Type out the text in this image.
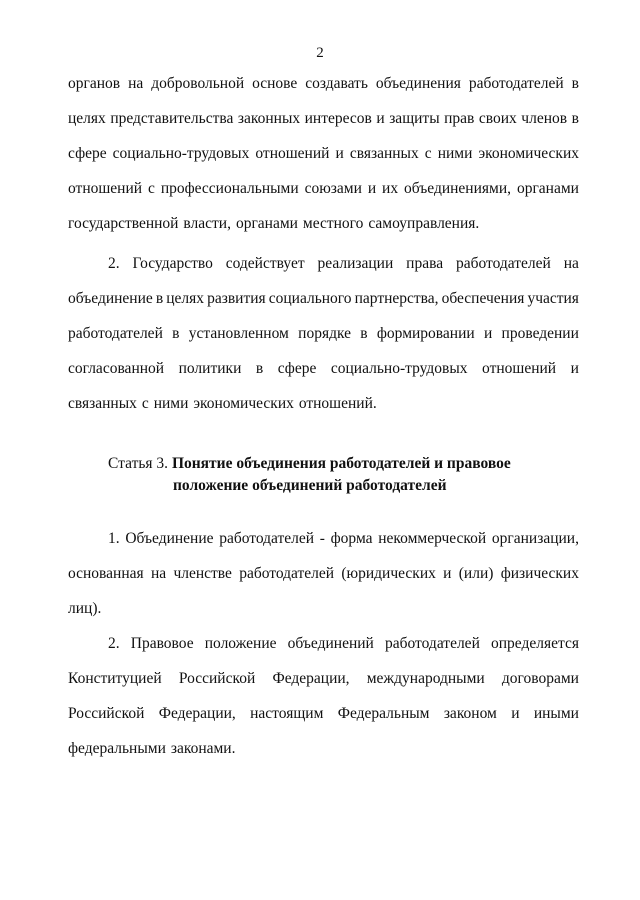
2
органов на добровольной основе создавать объединения работодателей в
целях представительства законных интересов и защиты прав своих членов в
сфере социально-трудовых отношений и связанных с ними экономических
отношений с профессиональными союзами и их объединениями, органами
государственной власти, органами местного самоуправления.
2. Государство содействует реализации права работодателей на
объединение в целях развития социального партнерства, обеспечения участия
работодателей в установленном порядке в формировании и проведении
согласованной политики в сфере социально-трудовых отношений и
связанных с ними экономических отношений.
Статья 3. Понятие объединения работодателей и правовое
положение объединений работодателей
1. Объединение работодателей - форма некоммерческой организации,
основанная на членстве работодателей (юридических и (или) физических
лиц).
2. Правовое положение объединений работодателей определяется
Конституцией Российской Федерации, международными договорами
Российской Федерации, настоящим Федеральным законом и иными
федеральными законами.
